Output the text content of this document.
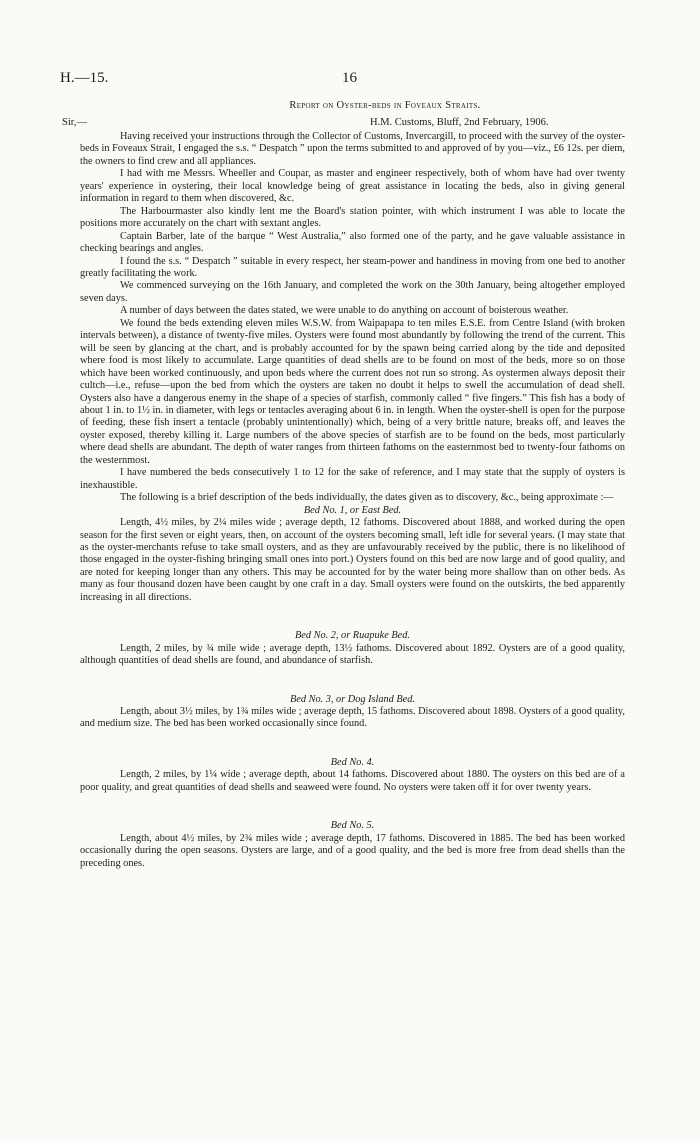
H.—15.	16
Report on Oyster-beds in Foveaux Straits.
Sir,—	H.M. Customs, Bluff, 2nd February, 1906.

Having received your instructions through the Collector of Customs, Invercargill, to proceed with the survey of the oyster-beds in Foveaux Strait, I engaged the s.s. “ Despatch ” upon the terms submitted to and approved of by you—viz., £6 12s. per diem, the owners to find crew and all appliances.

I had with me Messrs. Wheeller and Coupar, as master and engineer respectively, both of whom have had over twenty years' experience in oystering, their local knowledge being of great assistance in locating the beds, also in giving general information in regard to them when discovered, &c.

The Harbourmaster also kindly lent me the Board's station pointer, with which instrument I was able to locate the positions more accurately on the chart with sextant angles.

Captain Barber, late of the barque “ West Australia,” also formed one of the party, and he gave valuable assistance in checking bearings and angles.

I found the s.s. “ Despatch ” suitable in every respect, her steam-power and handiness in moving from one bed to another greatly facilitating the work.

We commenced surveying on the 16th January, and completed the work on the 30th January, being altogether employed seven days.

A number of days between the dates stated, we were unable to do anything on account of boisterous weather.

We found the beds extending eleven miles W.S.W. from Waipapapa to ten miles E.S.E. from Centre Island (with broken intervals between), a distance of twenty-five miles. Oysters were found most abundantly by following the trend of the current. This will be seen by glancing at the chart, and is probably accounted for by the spawn being carried along by the tide and deposited where food is most likely to accumulate. Large quantities of dead shells are to be found on most of the beds, more so on those which have been worked continuously, and upon beds where the current does not run so strong. As oystermen always deposit their cultch—i.e., refuse—upon the bed from which the oysters are taken no doubt it helps to swell the accumulation of dead shell. Oysters also have a dangerous enemy in the shape of a species of starfish, commonly called “ five fingers.” This fish has a body of about 1 in. to 1½ in. in diameter, with legs or tentacles averaging about 6 in. in length. When the oyster-shell is open for the purpose of feeding, these fish insert a tentacle (probably unintentionally) which, being of a very brittle nature, breaks off, and leaves the oyster exposed, thereby killing it. Large numbers of the above species of starfish are to be found on the beds, most particularly where dead shells are abundant. The depth of water ranges from thirteen fathoms on the easternmost bed to twenty-four fathoms on the westernmost.

I have numbered the beds consecutively 1 to 12 for the sake of reference, and I may state that the supply of oysters is inexhaustible.

The following is a brief description of the beds individually, the dates given as to discovery, &c., being approximate :—

Bed No. 1, or East Bed.

Length, 4½ miles, by 2¼ miles wide ; average depth, 12 fathoms. Discovered about 1888, and worked during the open season for the first seven or eight years, then, on account of the oysters becoming small, left idle for several years. (I may state that as the oyster-merchants refuse to take small oysters, and as they are unfavourably received by the public, there is no likelihood of those engaged in the oyster-fishing bringing small ones into port.) Oysters found on this bed are now large and of good quality, and are noted for keeping longer than any others. This may be accounted for by the water being more shallow than on other beds. As many as four thousand dozen have been caught by one craft in a day. Small oysters were found on the outskirts, the bed apparently increasing in all directions.

Bed No. 2, or Ruapuke Bed.

Length, 2 miles, by ¾ mile wide ; average depth, 13½ fathoms. Discovered about 1892. Oysters are of a good quality, although quantities of dead shells are found, and abundance of starfish.

Bed No. 3, or Dog Island Bed.

Length, about 3½ miles, by 1¾ miles wide ; average depth, 15 fathoms. Discovered about 1898. Oysters of a good quality, and medium size. The bed has been worked occasionally since found.

Bed No. 4.

Length, 2 miles, by 1¼ wide ; average depth, about 14 fathoms. Discovered about 1880. The oysters on this bed are of a poor quality, and great quantities of dead shells and seaweed were found. No oysters were taken off it for over twenty years.

Bed No. 5.

Length, about 4½ miles, by 2¾ miles wide ; average depth, 17 fathoms. Discovered in 1885. The bed has been worked occasionally during the open seasons. Oysters are large, and of a good quality, and the bed is more free from dead shells than the preceding ones.
